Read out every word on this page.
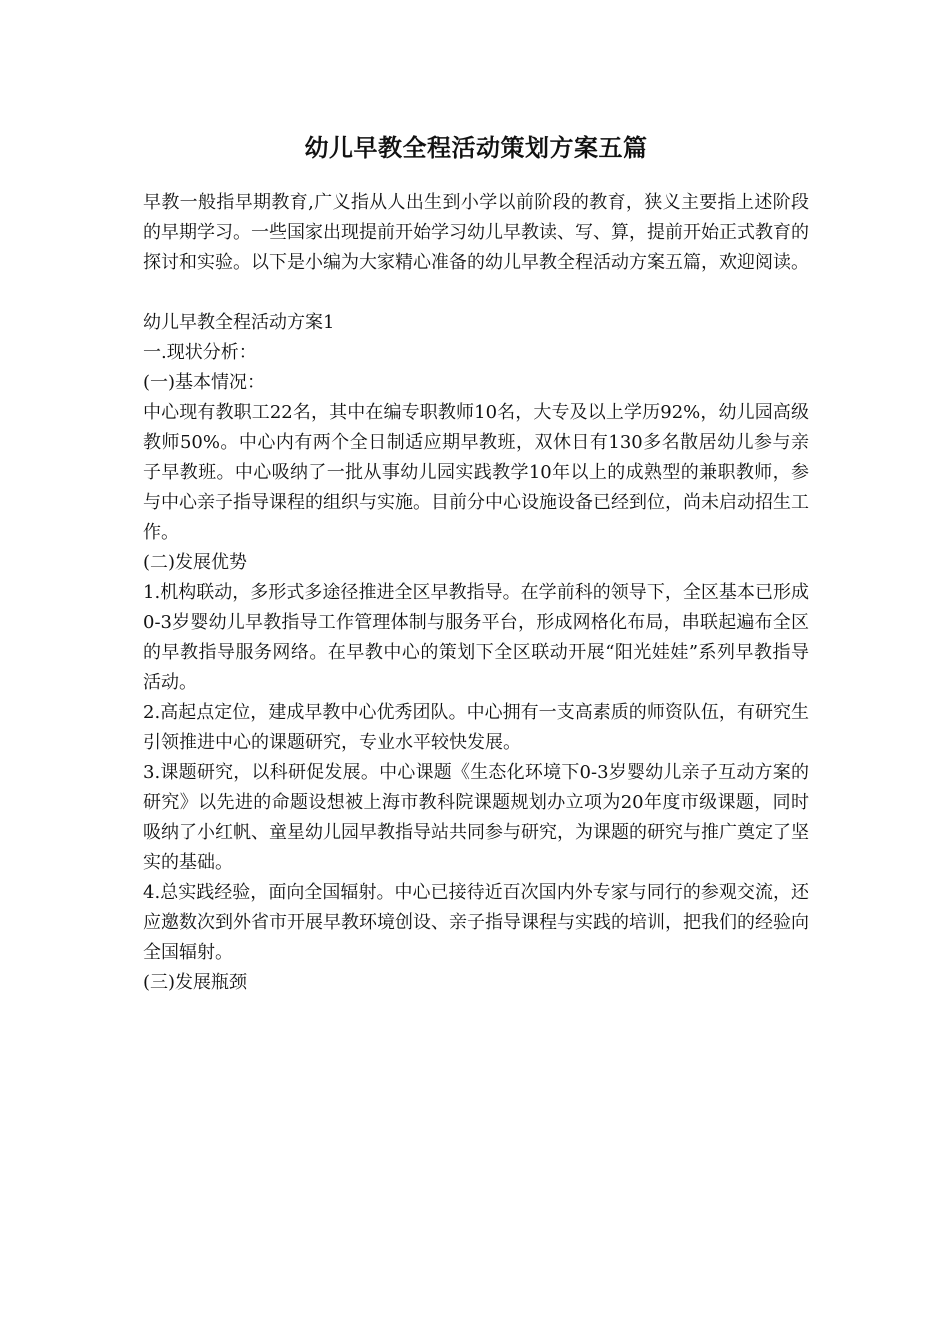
幼儿早教全程活动策划方案五篇

早教一般指早期教育,广义指从人出生到小学以前阶段的教育，狭义主要指上述阶段的早期学习。一些国家出现提前开始学习幼儿早教读、写、算，提前开始正式教育的探讨和实验。以下是小编为大家精心准备的幼儿早教全程活动方案五篇，欢迎阅读。

幼儿早教全程活动方案1

一.现状分析：

(一)基本情况：

中心现有教职工22名，其中在编专职教师10名，大专及以上学历92%，幼儿园高级教师50%。中心内有两个全日制适应期早教班，双休日有130多名散居幼儿参与亲子早教班。中心吸纳了一批从事幼儿园实践教学10年以上的成熟型的兼职教师，参与中心亲子指导课程的组织与实施。目前分中心设施设备已经到位，尚未启动招生工作。

(二)发展优势

1.机构联动，多形式多途径推进全区早教指导。在学前科的领导下，全区基本已形成0-3岁婴幼儿早教指导工作管理体制与服务平台，形成网格化布局，串联起遍布全区的早教指导服务网络。在早教中心的策划下全区联动开展“阳光娃娃”系列早教指导活动。

2.高起点定位，建成早教中心优秀团队。中心拥有一支高素质的师资队伍，有研究生引领推进中心的课题研究，专业水平较快发展。

3.课题研究，以科研促发展。中心课题《生态化环境下0-3岁婴幼儿亲子互动方案的研究》以先进的命题设想被上海市教科院课题规划办立项为20年度市级课题，同时吸纳了小红帆、童星幼儿园早教指导站共同参与研究，为课题的研究与推广奠定了坚实的基础。

4.总实践经验，面向全国辐射。中心已接待近百次国内外专家与同行的参观交流，还应邀数次到外省市开展早教环境创设、亲子指导课程与实践的培训，把我们的经验向全国辐射。

(三)发展瓶颈
